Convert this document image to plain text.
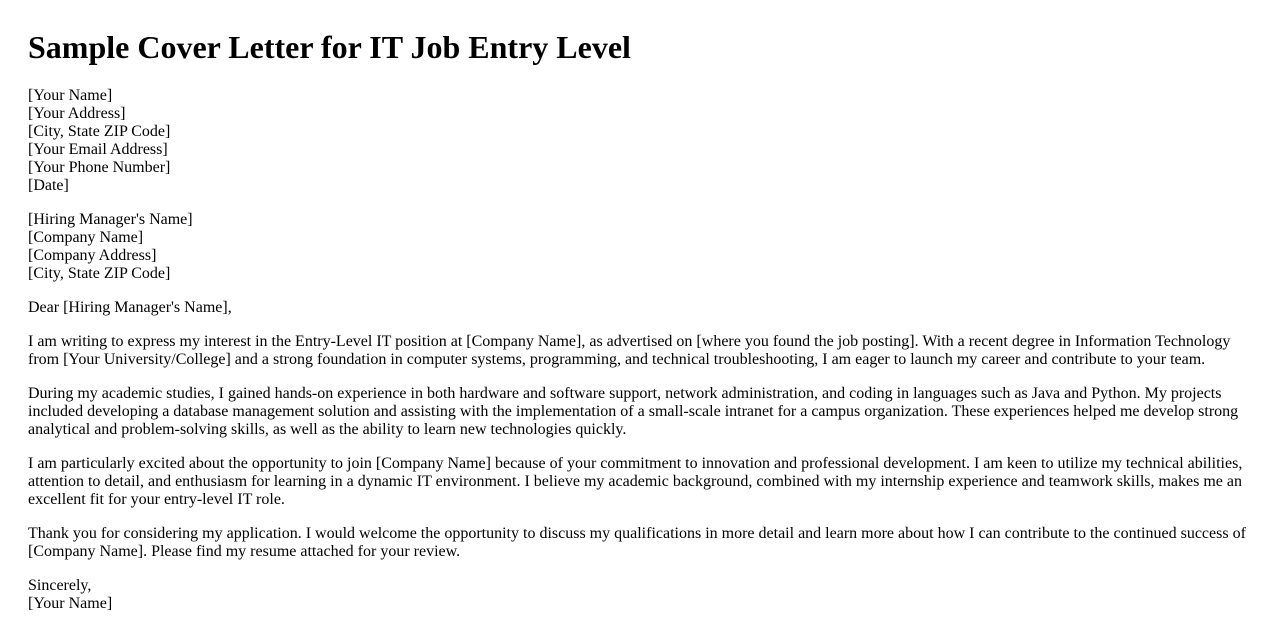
Sample Cover Letter for IT Job Entry Level
[Your Name]
[Your Address]
[City, State ZIP Code]
[Your Email Address]
[Your Phone Number]
[Date]
[Hiring Manager's Name]
[Company Name]
[Company Address]
[City, State ZIP Code]

Dear [Hiring Manager's Name],

I am writing to express my interest in the Entry-Level IT position at [Company Name], as advertised on [where you found the job posting]. With a recent degree in Information Technology from [Your University/College] and a strong foundation in computer systems, programming, and technical troubleshooting, I am eager to launch my career and contribute to your team.

During my academic studies, I gained hands-on experience in both hardware and software support, network administration, and coding in languages such as Java and Python. My projects included developing a database management solution and assisting with the implementation of a small-scale intranet for a campus organization. These experiences helped me develop strong analytical and problem-solving skills, as well as the ability to learn new technologies quickly.

I am particularly excited about the opportunity to join [Company Name] because of your commitment to innovation and professional development. I am keen to utilize my technical abilities, attention to detail, and enthusiasm for learning in a dynamic IT environment. I believe my academic background, combined with my internship experience and teamwork skills, makes me an excellent fit for your entry-level IT role.

Thank you for considering my application. I would welcome the opportunity to discuss my qualifications in more detail and learn more about how I can contribute to the continued success of [Company Name]. Please find my resume attached for your review.

Sincerely,
[Your Name]
